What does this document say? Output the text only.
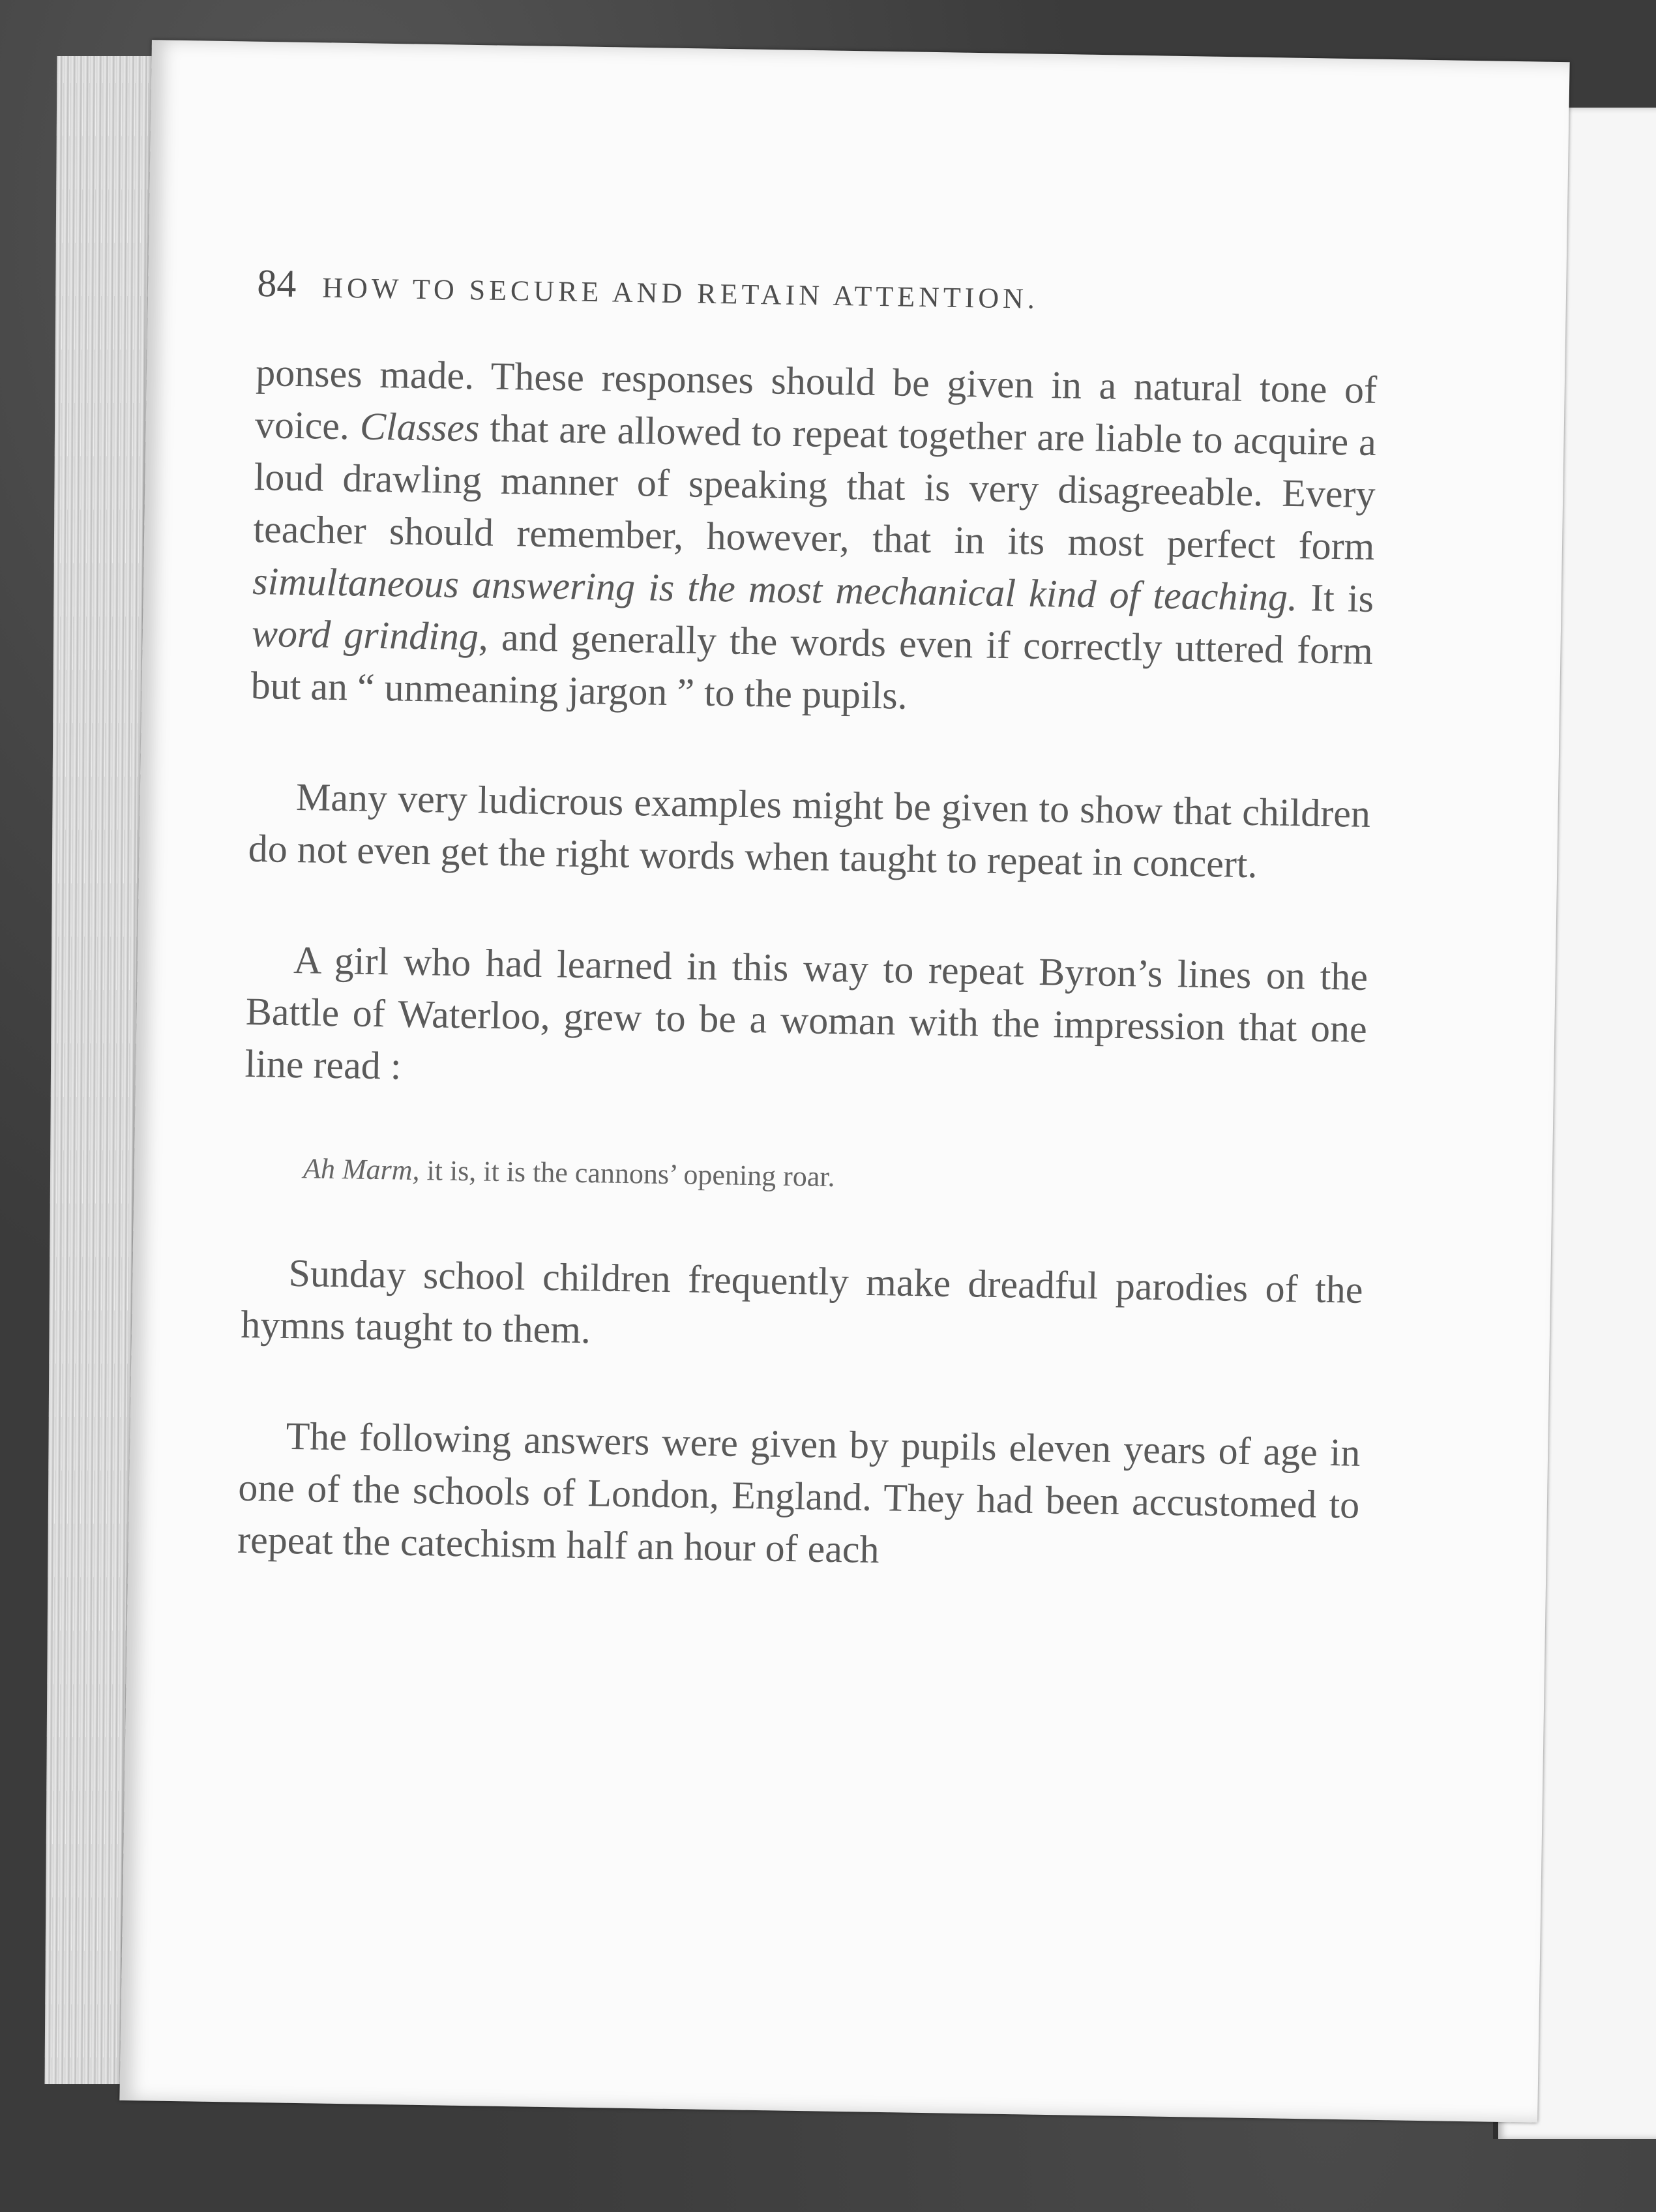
84 HOW TO SECURE AND RETAIN ATTENTION.

ponses made. These responses should be given in a natural tone of voice. Classes that are allowed to repeat together are liable to acquire a loud drawling manner of speaking that is very disagreeable. Every teacher should remember, however, that in its most perfect form simultaneous answering is the most mechanical kind of teaching. It is word grinding, and generally the words even if correctly uttered form but an “ unmeaning jargon ” to the pupils.

Many very ludicrous examples might be given to show that children do not even get the right words when taught to repeat in concert.

A girl who had learned in this way to repeat Byron’s lines on the Battle of Waterloo, grew to be a woman with the impression that one line read :

Ah Marm, it is, it is the cannons’ opening roar.

Sunday school children frequently make dreadful parodies of the hymns taught to them.

The following answers were given by pupils eleven years of age in one of the schools of London, England. They had been accustomed to repeat the catechism half an hour of each
